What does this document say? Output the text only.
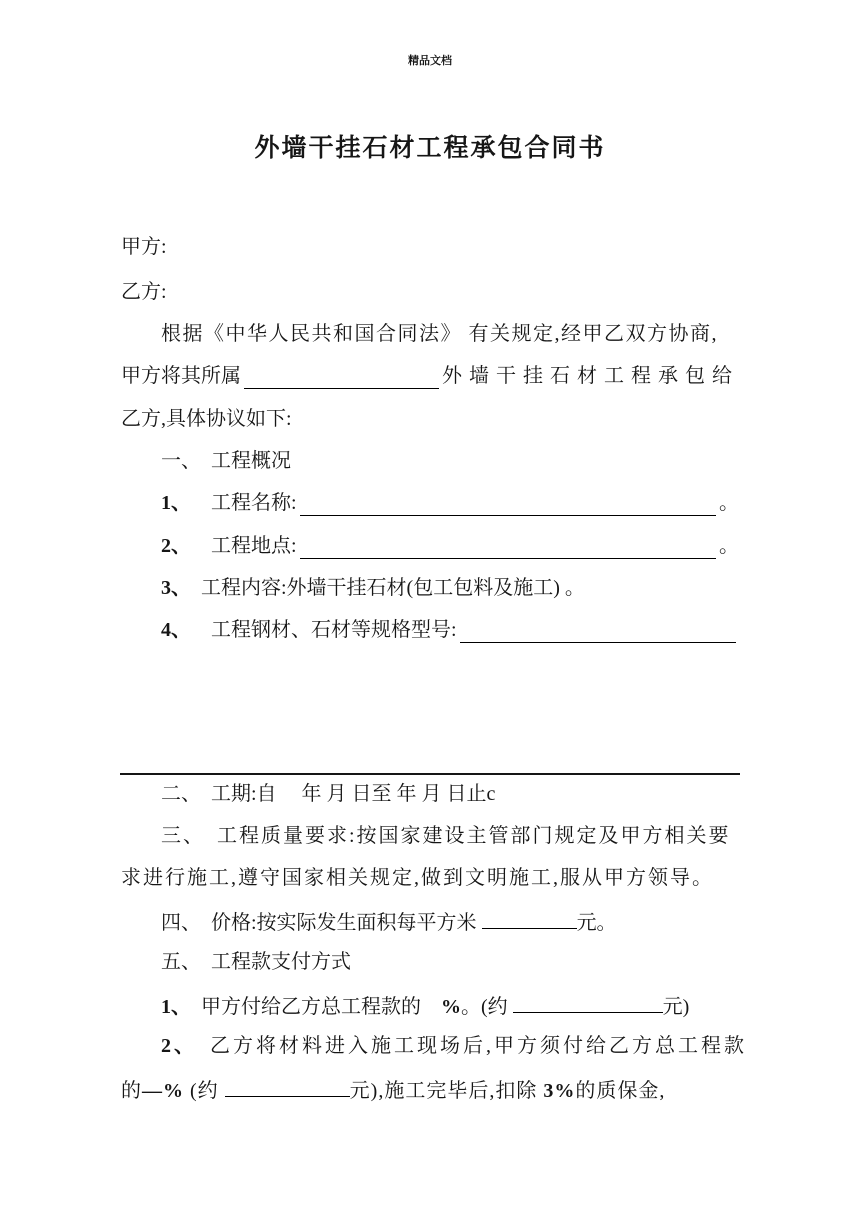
精品文档
外墙干挂石材工程承包合同书
甲方:
乙方:
根据《中华人民共和国合同法》 有关规定,经甲乙双方协商,
甲方将其所属	外墙干挂石材工程承包给
乙方,具体协议如下:
一、　工程概况
1、 　工程名称:	。
2、 　工程地点:	。
3、　工程内容:外墙干挂石材(包工包料及施工) 。
4、 　工程钢材、石材等规格型号:
二、　工期:自　 年 月 日至 年 月 日止c
三、　工程质量要求:按国家建设主管部门规定及甲方相关要
求进行施工,遵守国家相关规定,做到文明施工,服从甲方领导。
四、　价格:按实际发生面积每平方米	元。
五、　工程款支付方式
1、　甲方付给乙方总工程款的　%。(约	元)
2、　乙方将材料进入施工现场后,甲方须付给乙方总工程款
的—% (约	元),施工完毕后,扣除 3%的质保金,
